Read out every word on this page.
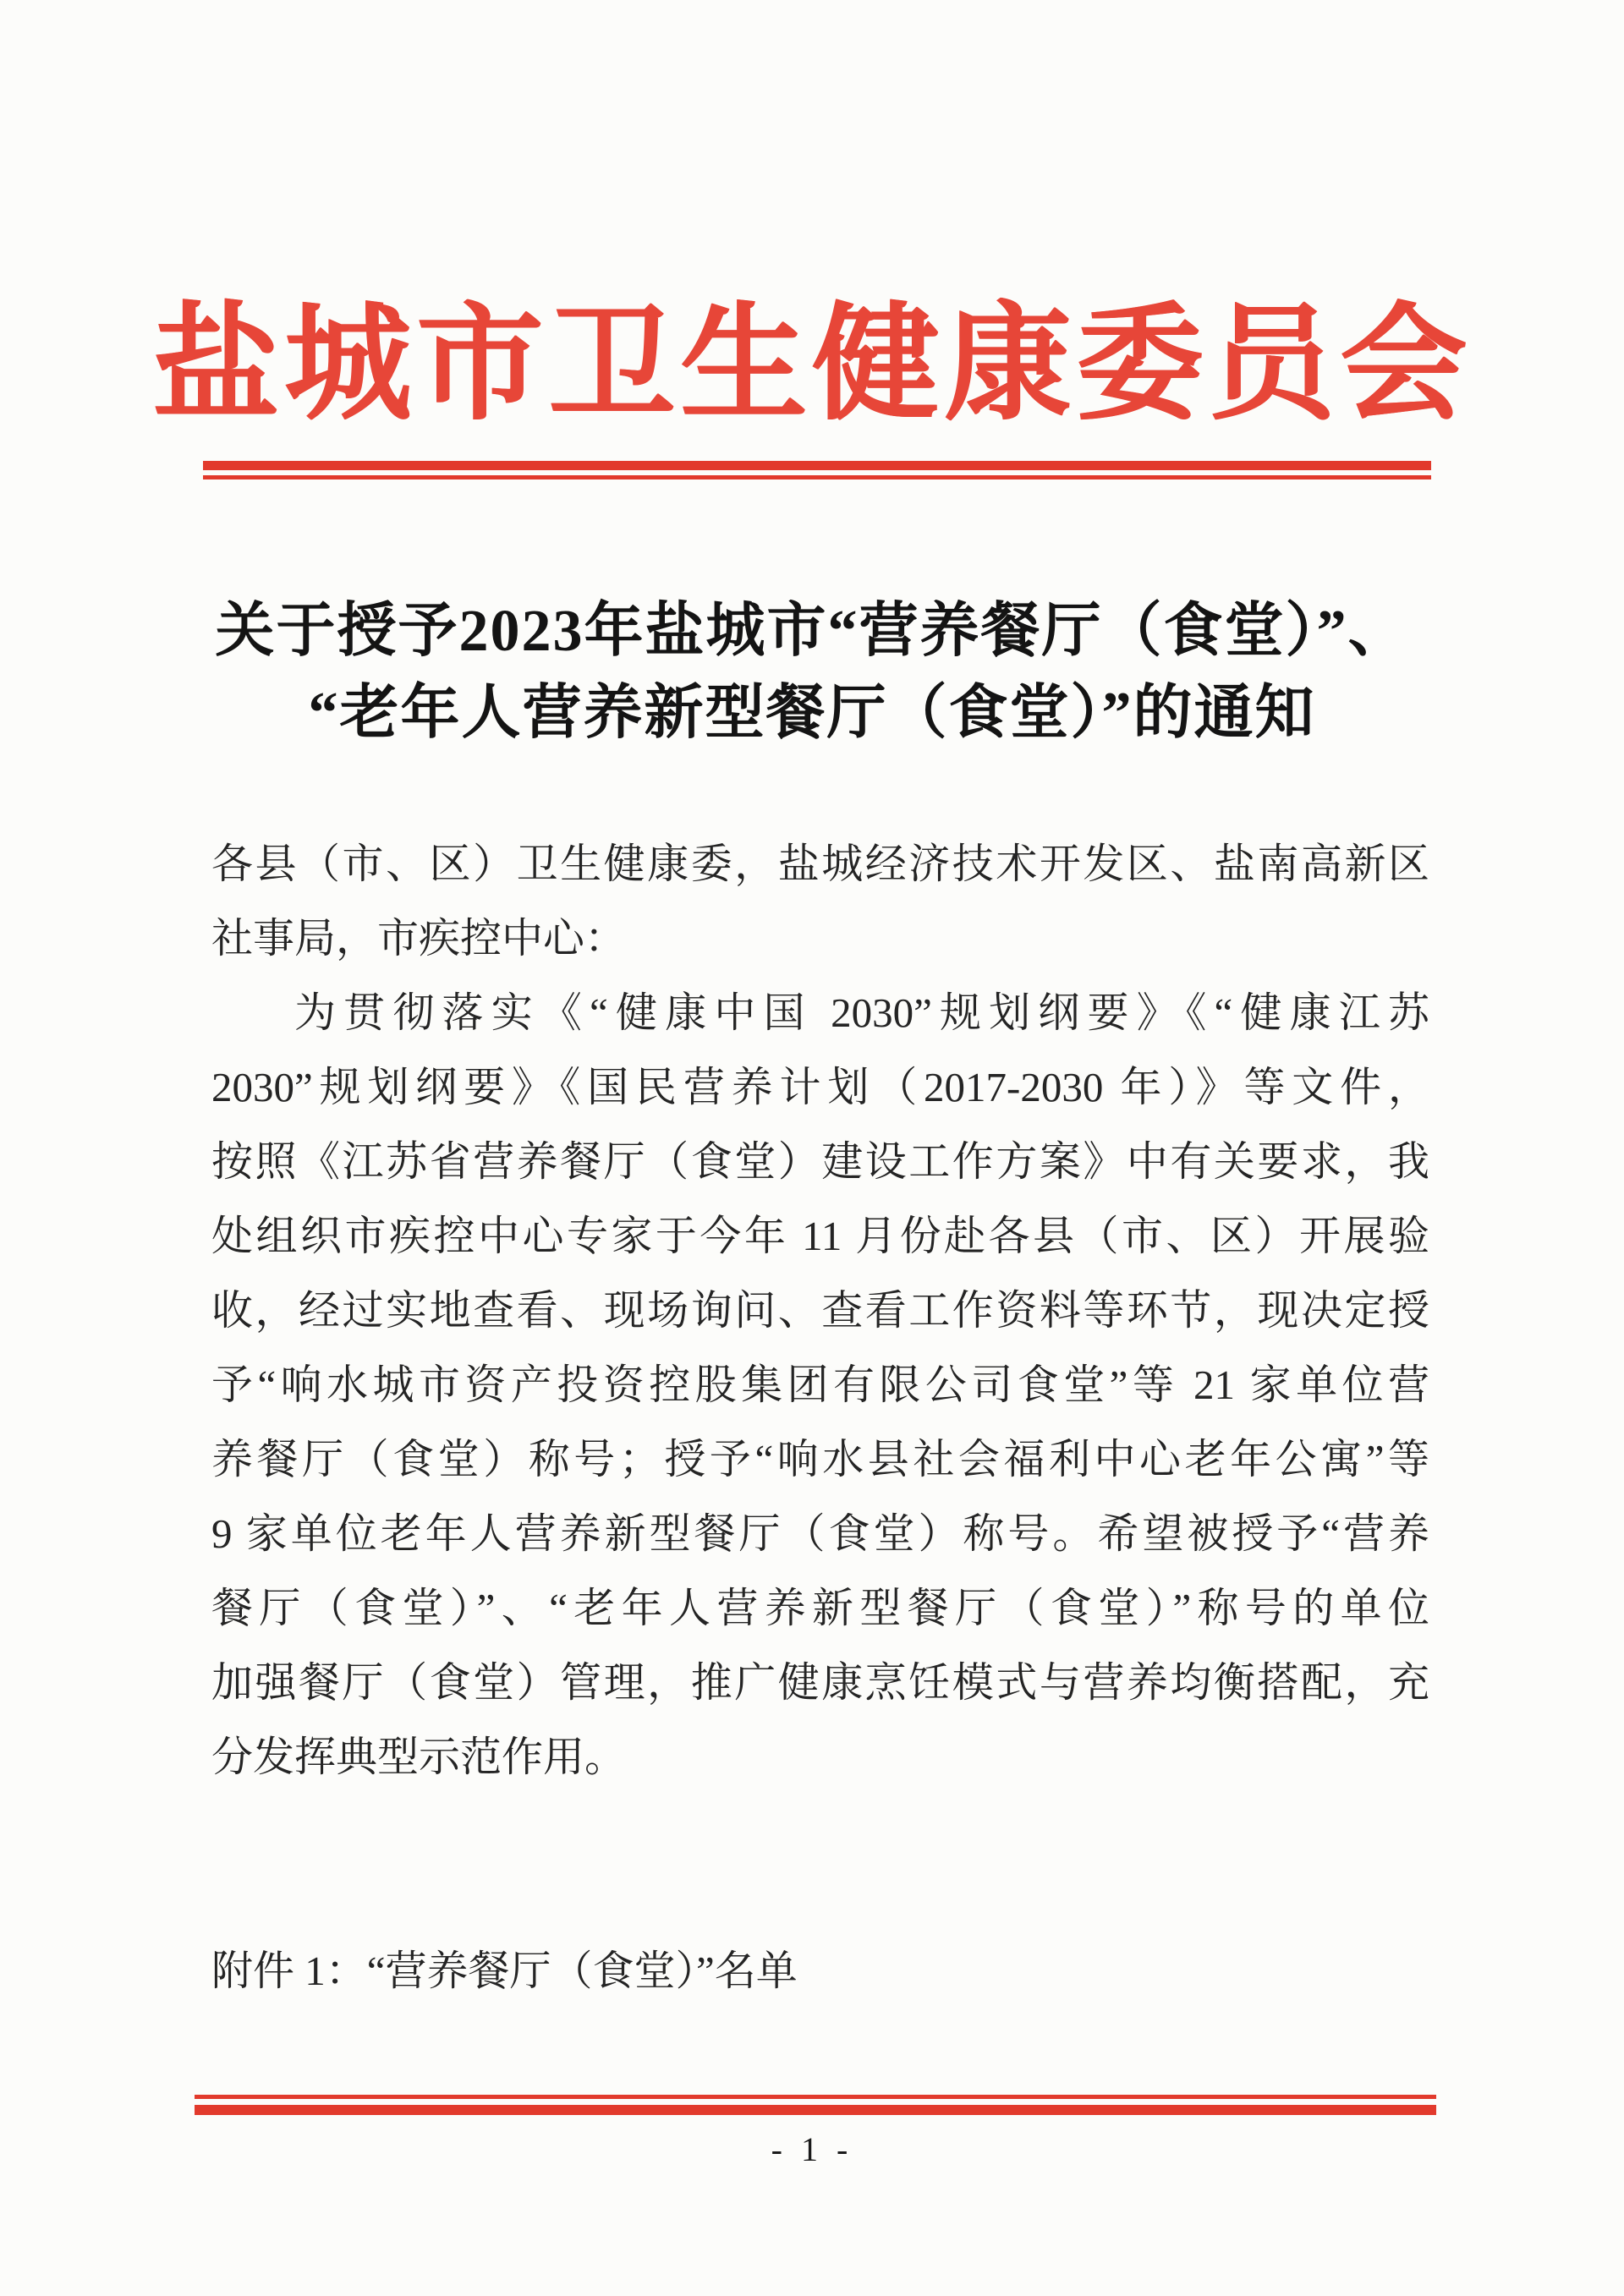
盐城市卫生健康委员会
关于授予2023年盐城市“营养餐厅（食堂）”、
“老年人营养新型餐厅（食堂）”的通知

各县（市、区）卫生健康委，盐城经济技术开发区、盐南高新区

社事局，市疾控中心：

为贯彻落实《“健康中国 2030”规划纲要》《“健康江苏

2030”规划纲要》《国民营养计划（2017-2030 年）》等文件，

按照《江苏省营养餐厅（食堂）建设工作方案》中有关要求，我

处组织市疾控中心专家于今年 11 月份赴各县（市、区）开展验

收，经过实地查看、现场询问、查看工作资料等环节，现决定授

予“响水城市资产投资控股集团有限公司食堂”等 21 家单位营

养餐厅（食堂）称号；授予“响水县社会福利中心老年公寓”等

9 家单位老年人营养新型餐厅（食堂）称号。希望被授予“营养

餐厅（食堂）”、“老年人营养新型餐厅（食堂）”称号的单位

加强餐厅（食堂）管理，推广健康烹饪模式与营养均衡搭配，充

分发挥典型示范作用。

附件 1：“营养餐厅（食堂）”名单

- 1 -
